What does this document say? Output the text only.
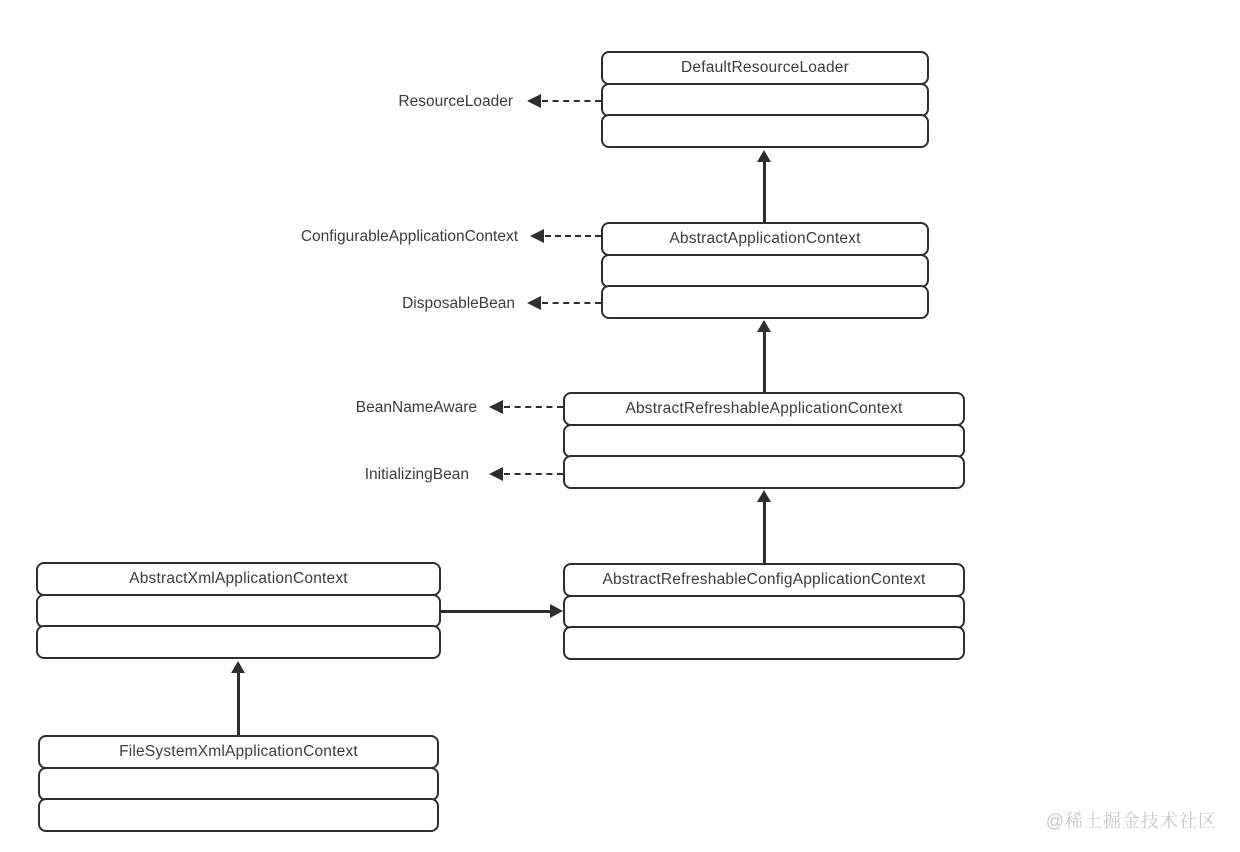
DefaultResourceLoader
AbstractApplicationContext
AbstractRefreshableApplicationContext
AbstractRefreshableConfigApplicationContext
AbstractXmlApplicationContext
FileSystemXmlApplicationContext
ResourceLoader
ConfigurableApplicationContext
DisposableBean
BeanNameAware
InitializingBean
@稀土掘金技术社区
